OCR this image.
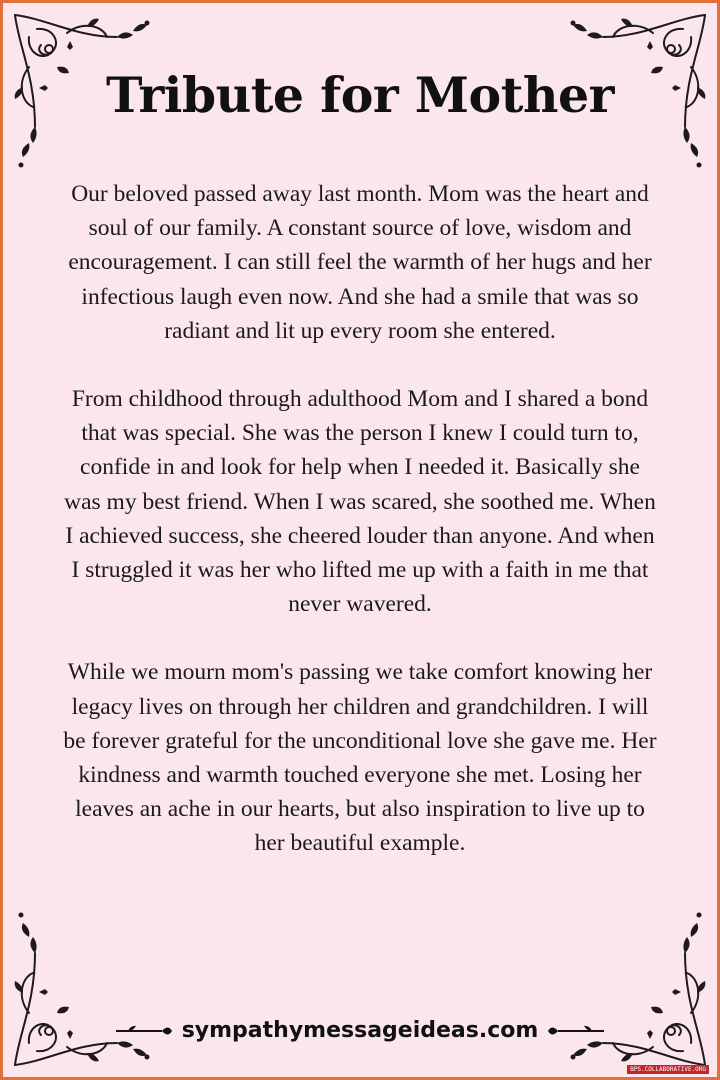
Tribute for Mother

Our beloved passed away last month. Mom was the heart and soul of our family. A constant source of love, wisdom and encouragement. I can still feel the warmth of her hugs and her infectious laugh even now. And she had a smile that was so radiant and lit up every room she entered.

From childhood through adulthood Mom and I shared a bond that was special. She was the person I knew I could turn to, confide in and look for help when I needed it. Basically she was my best friend. When I was scared, she soothed me. When I achieved success, she cheered louder than anyone. And when I struggled it was her who lifted me up with a faith in me that never wavered.

While we mourn mom's passing we take comfort knowing her legacy lives on through her children and grandchildren. I will be forever grateful for the unconditional love she gave me. Her kindness and warmth touched everyone she met. Losing her leaves an ache in our hearts, but also inspiration to live up to her beautiful example.

sympathymessageideas.com
BPS.COLLABORATIVE.ORG
